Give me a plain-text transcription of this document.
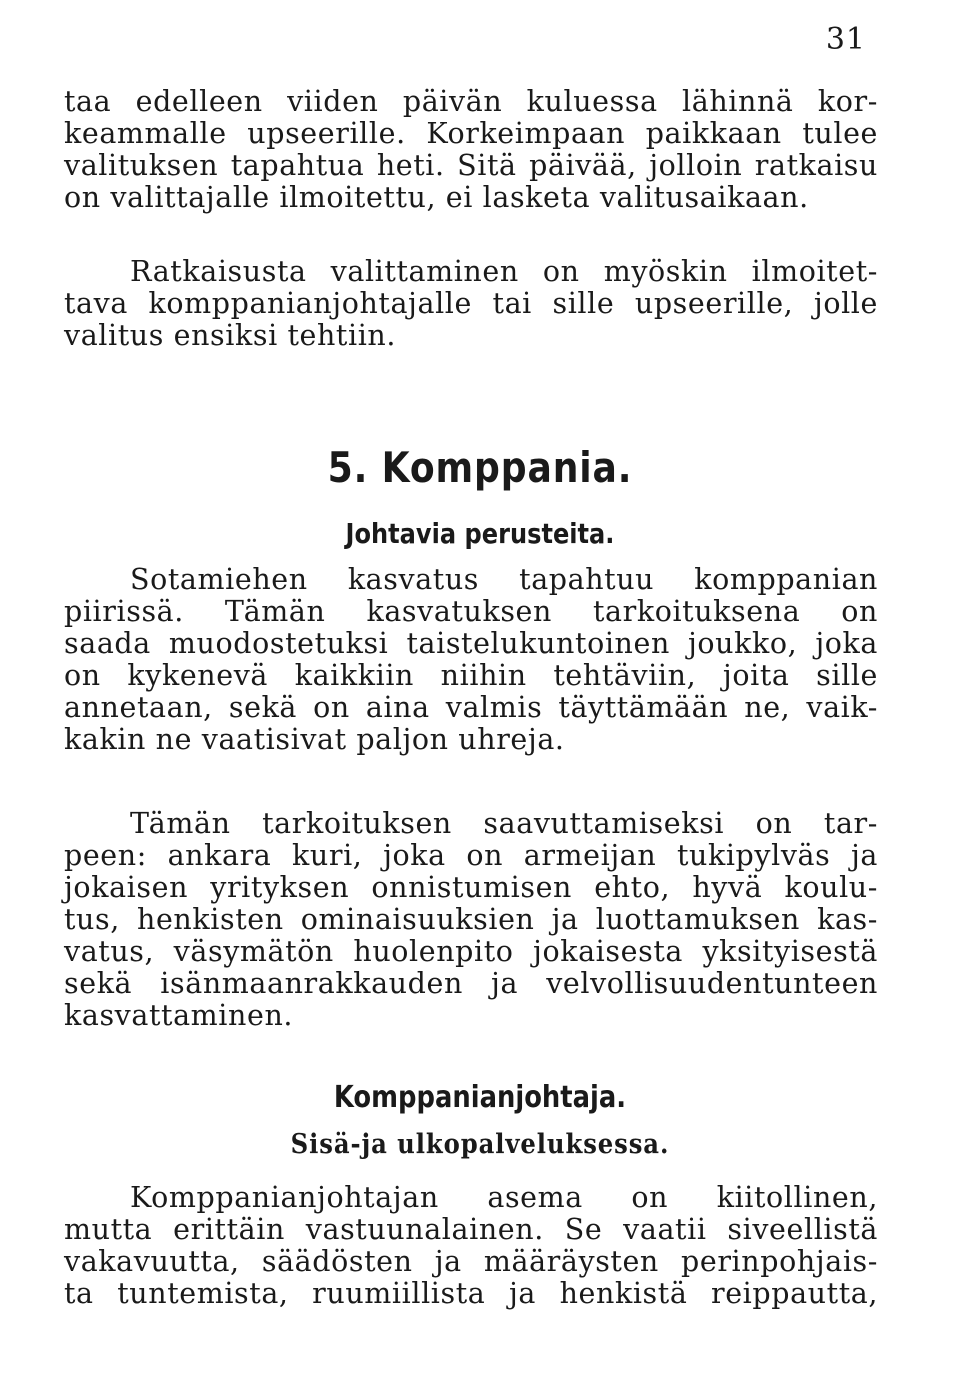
31
taa edelleen viiden päivän kuluessa lähinnä kor-
keammalle upseerille. Korkeimpaan paikkaan tulee
valituksen tapahtua heti. Sitä päivää, jolloin ratkaisu
on valittajalle ilmoitettu, ei lasketa valitusaikaan.
Ratkaisusta valittaminen on myöskin ilmoitet-
tava komppanianjohtajalle tai sille upseerille, jolle
valitus ensiksi tehtiin.
5. Komppania.
Johtavia perusteita.
Sotamiehen kasvatus tapahtuu komppanian
piirissä. Tämän kasvatuksen tarkoituksena on
saada muodostetuksi taistelukuntoinen joukko, joka
on kykenevä kaikkiin niihin tehtäviin, joita sille
annetaan, sekä on aina valmis täyttämään ne, vaik-
kakin ne vaatisivat paljon uhreja.
Tämän tarkoituksen saavuttamiseksi on tar-
peen: ankara kuri, joka on armeijan tukipylväs ja
jokaisen yrityksen onnistumisen ehto, hyvä koulu-
tus, henkisten ominaisuuksien ja luottamuksen kas-
vatus, väsymätön huolenpito jokaisesta yksityisestä
sekä isänmaanrakkauden ja velvollisuudentunteen
kasvattaminen.
Komppanianjohtaja.
Sisä-ja ulkopalveluksessa.
Komppanianjohtajan asema on kiitollinen,
mutta erittäin vastuunalainen. Se vaatii siveellistä
vakavuutta, säädösten ja määräysten perinpohjais-
ta tuntemista, ruumiillista ja henkistä reippautta,
